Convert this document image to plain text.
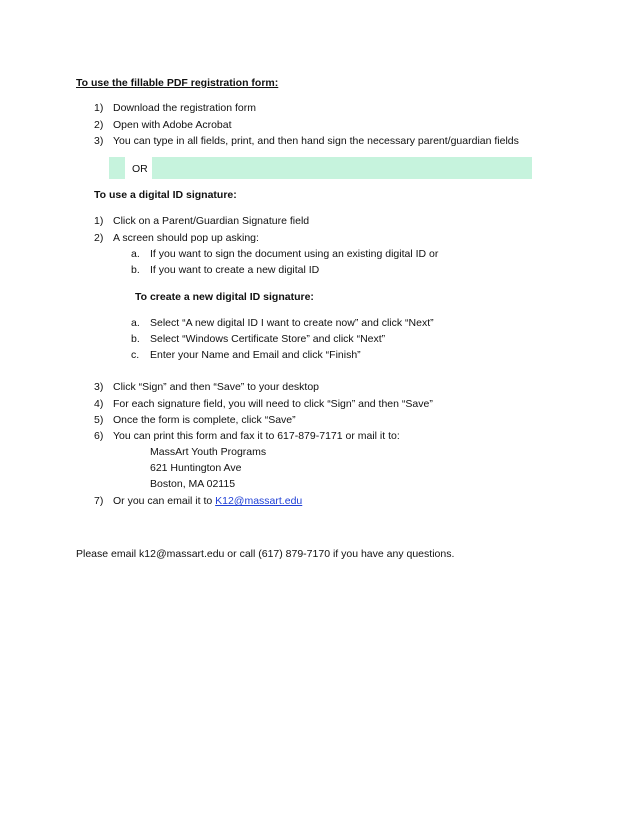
To use the fillable PDF registration form:
1) Download the registration form
2) Open with Adobe Acrobat
3) You can type in all fields, print, and then hand sign the necessary parent/guardian fields
OR
To use a digital ID signature:
1) Click on a Parent/Guardian Signature field
2) A screen should pop up asking:
a. If you want to sign the document using an existing digital ID or
b. If you want to create a new digital ID
To create a new digital ID signature:
a. Select “A new digital ID I want to create now” and click “Next”
b. Select “Windows Certificate Store” and click “Next”
c. Enter your Name and Email and click “Finish”
3) Click “Sign” and then “Save” to your desktop
4) For each signature field, you will need to click “Sign” and then “Save”
5) Once the form is complete, click “Save”
6) You can print this form and fax it to 617-879-7171 or mail it to:
MassArt Youth Programs
621 Huntington Ave
Boston, MA 02115
7) Or you can email it to K12@massart.edu
Please email k12@massart.edu or call (617) 879-7170 if you have any questions.
